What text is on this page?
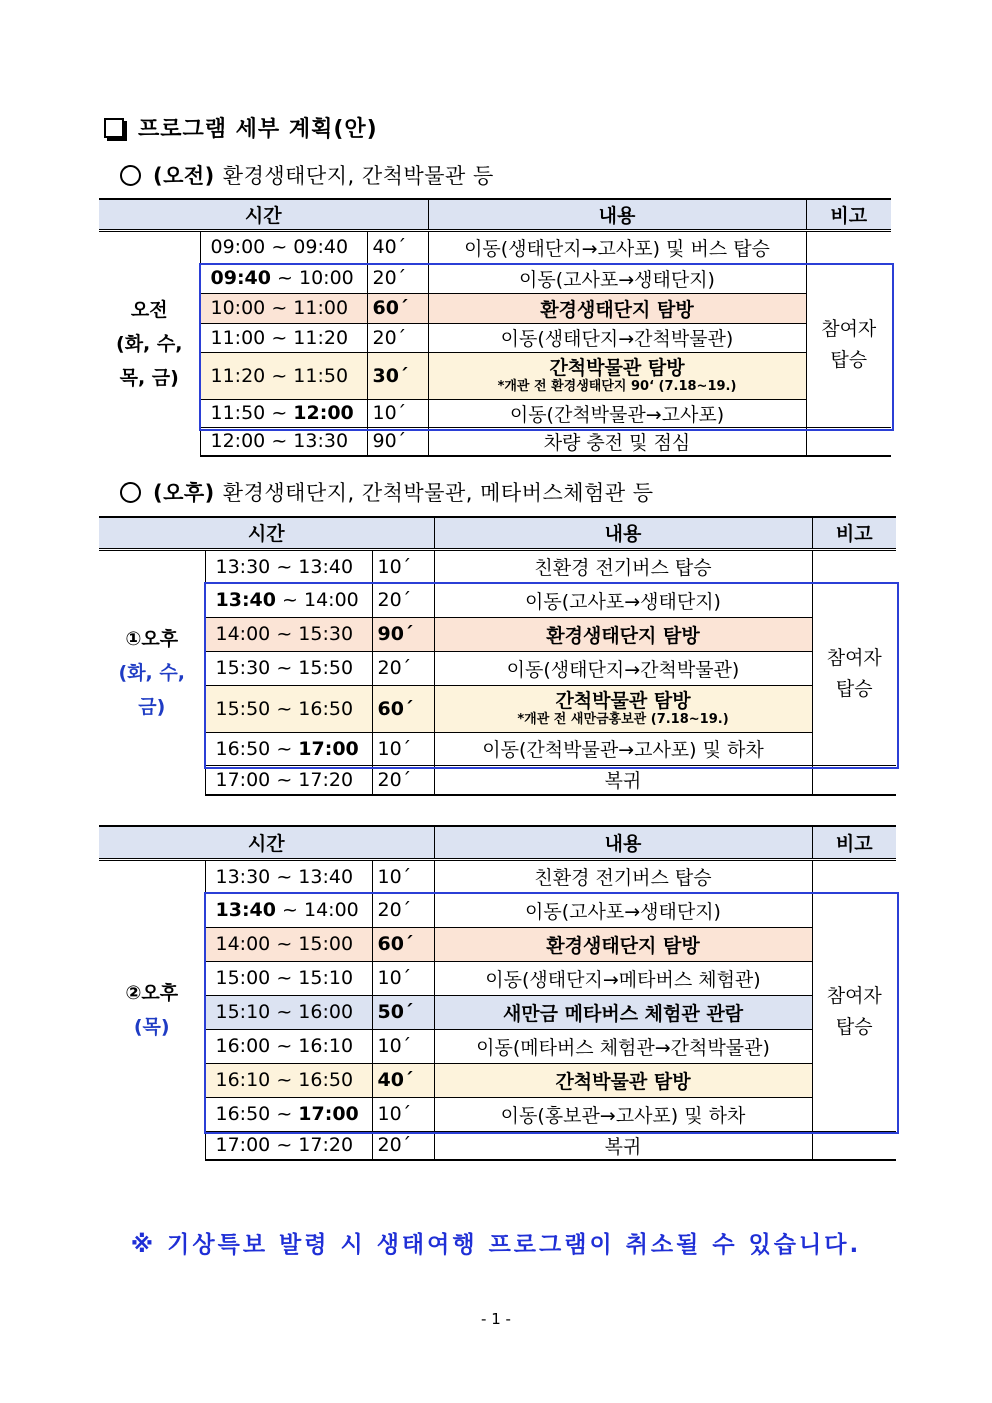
프로그램 세부 계획(안)
(오전) 환경생태단지, 간척박물관 등
시간			내용	비고

오전
(화, 수,
목, 금)	09:00 ~ 09:40	40´	이동(생태단지→고사포) 및 버스 탑승	
	09:40 ~ 10:00	20´	이동(고사포→생태단지)	참여자
탑승

	10:00 ~ 11:00	60´	환경생태단지 탐방	
	11:00 ~ 11:20	20´	이동(생태단지→간척박물관)	
	11:20 ~ 11:50	30´	간척박물관 탐방
*개관 전 환경생태단지 90‘ (7.18~19.)	

	11:50 ~ 12:00	10´	이동(간척박물관→고사포)	
	12:00 ~ 13:30	90´	차량 충전 및 점심	
(오후) 환경생태단지, 간척박물관, 메타버스체험관 등
시간			내용	비고

①오후
(화, 수,
금)	13:30 ~ 13:40	10´	친환경 전기버스 탑승	
	13:40 ~ 14:00	20´	이동(고사포→생태단지)	참여자
탑승

	14:00 ~ 15:30	90´	환경생태단지 탐방	
	15:30 ~ 15:50	20´	이동(생태단지→간척박물관)	
	15:50 ~ 16:50	60´	간척박물관 탐방
*개관 전 새만금홍보관 (7.18~19.)	

	16:50 ~ 17:00	10´	이동(간척박물관→고사포) 및 하차	
	17:00 ~ 17:20	20´	복귀	
시간			내용	비고

②오후
(목)	13:30 ~ 13:40	10´	친환경 전기버스 탑승	
	13:40 ~ 14:00	20´	이동(고사포→생태단지)	참여자
탑승

	14:00 ~ 15:00	60´	환경생태단지 탐방	
	15:00 ~ 15:10	10´	이동(생태단지→메타버스 체험관)	
	15:10 ~ 16:00	50´	새만금 메타버스 체험관 관람	
	16:00 ~ 16:10	10´	이동(메타버스 체험관→간척박물관)	
	16:10 ~ 16:50	40´	간척박물관 탐방	
	16:50 ~ 17:00	10´	이동(홍보관→고사포) 및 하차	
	17:00 ~ 17:20	20´	복귀	
※ 기상특보 발령 시 생태여행 프로그램이 취소될 수 있습니다.
- 1 -
